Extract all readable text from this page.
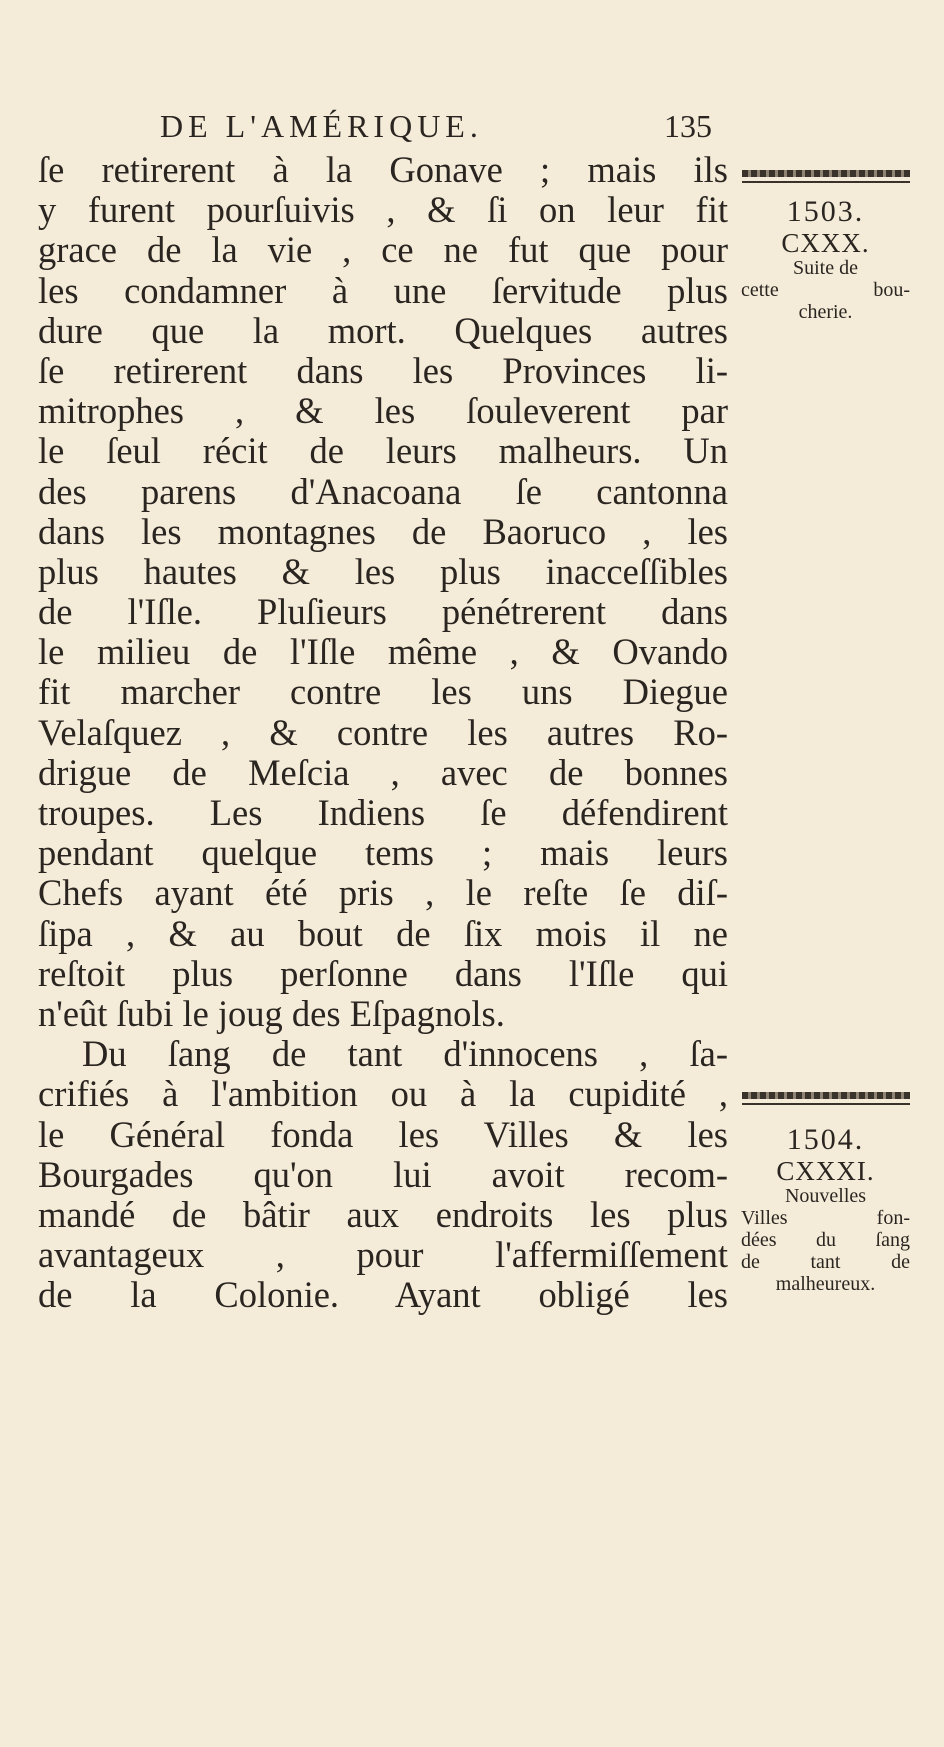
DE L'AMÉRIQUE.	135
ſe retirerent à la Gonave ; mais ils
y furent pourſuivis , & ſi on leur fit
grace de la vie , ce ne fut que pour
les condamner à une ſervitude plus
dure que la mort. Quelques autres
ſe retirerent dans les Provinces li-
mitrophes , & les ſouleverent par
le ſeul récit de leurs malheurs. Un
des parens d'Anacoana ſe cantonna
dans les montagnes de Baoruco , les
plus hautes & les plus inacceſſibles
de l'Iſle. Pluſieurs pénétrerent dans
le milieu de l'Iſle même , & Ovando
fit marcher contre les uns Diegue
Velaſquez , & contre les autres Ro-
drigue de Meſcia , avec de bonnes
troupes. Les Indiens ſe défendirent
pendant quelque tems ; mais leurs
Chefs ayant été pris , le reſte ſe diſ-
ſipa , & au bout de ſix mois il ne
reſtoit plus perſonne dans l'Iſle qui
n'eût ſubi le joug des Eſpagnols.
Du ſang de tant d'innocens , ſa-
crifiés à l'ambition ou à la cupidité ,
le Général fonda les Villes & les
Bourgades qu'on lui avoit recom-
mandé de bâtir aux endroits les plus
avantageux , pour l'affermiſſement
de la Colonie. Ayant obligé les
1503.
CXXX.
Suite de
cette bou-
cherie.
1504.
CXXXI.
Nouvelles
Villes fon-
dées du ſang
de tant de
malheureux.
